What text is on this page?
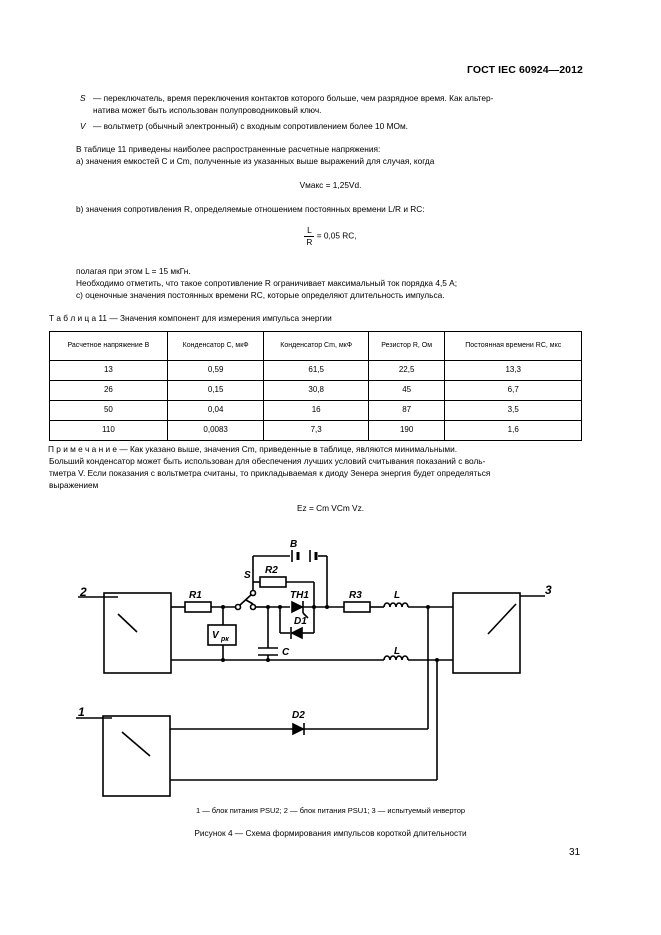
ГОСТ IEC 60924—2012
S — переключатель, время переключения контактов которого больше, чем разрядное время. Как альтер-
нативa может быть использован полупроводниковый ключ.
V — вольтметр (обычный электронный) с входным сопротивлением более 10 МОм.
В таблице 11 приведены наиболее распространенные расчетные напряжения:
a) значения емкостей C и Cm, полученные из указанных выше выражений для случая, когда
Vмакс = 1,25Vd.
b) значения сопротивления R, определяемые отношением постоянных времени L/R и RC:
$\frac{L}{R} = 0,05$ RC,
полагая при этом L = 15 мкГн.
Необходимо отметить, что такое сопротивление R ограничивает максимальный ток порядка 4,5 А;
c) оценочные значения постоянных времени RC, которые определяют длительность импульса.
Т а б л и ц а 11 — Значения компонент для измерения импульса энергии
Расчетное напряжение В	Конденсатор C, мкФ	Конденсатор Cm, мкФ	Резистор R, Ом	Постоянная времени RC, мкс
13	0,59	61,5	22,5	13,3
26	0,15	30,8	45	6,7
50	0,04	16	87	3,5
110	0,0083	7,3	190	1,6
П р и м е ч а н и е — Как указано выше, значения Cm, приведенные в таблице, являются минимальными.
Больший конденсатор может быть использован для обеспечения лучших условий считывания показаний с воль-
тметра V. Если показания с вольтметра считаны, то прикладываемая к диоду Зенера энергия будет определяться
выражением
Ez = Cm VCm Vz.
B
S R2
R1	TH1
D1
R3	L
L
C
D2
V рк
2
1
3
1 — блок питания PSU2; 2 — блок питания PSU1; 3 — испытуемый инвертор
Рисунок 4 — Схема формирования импульсов короткой длительности
31
